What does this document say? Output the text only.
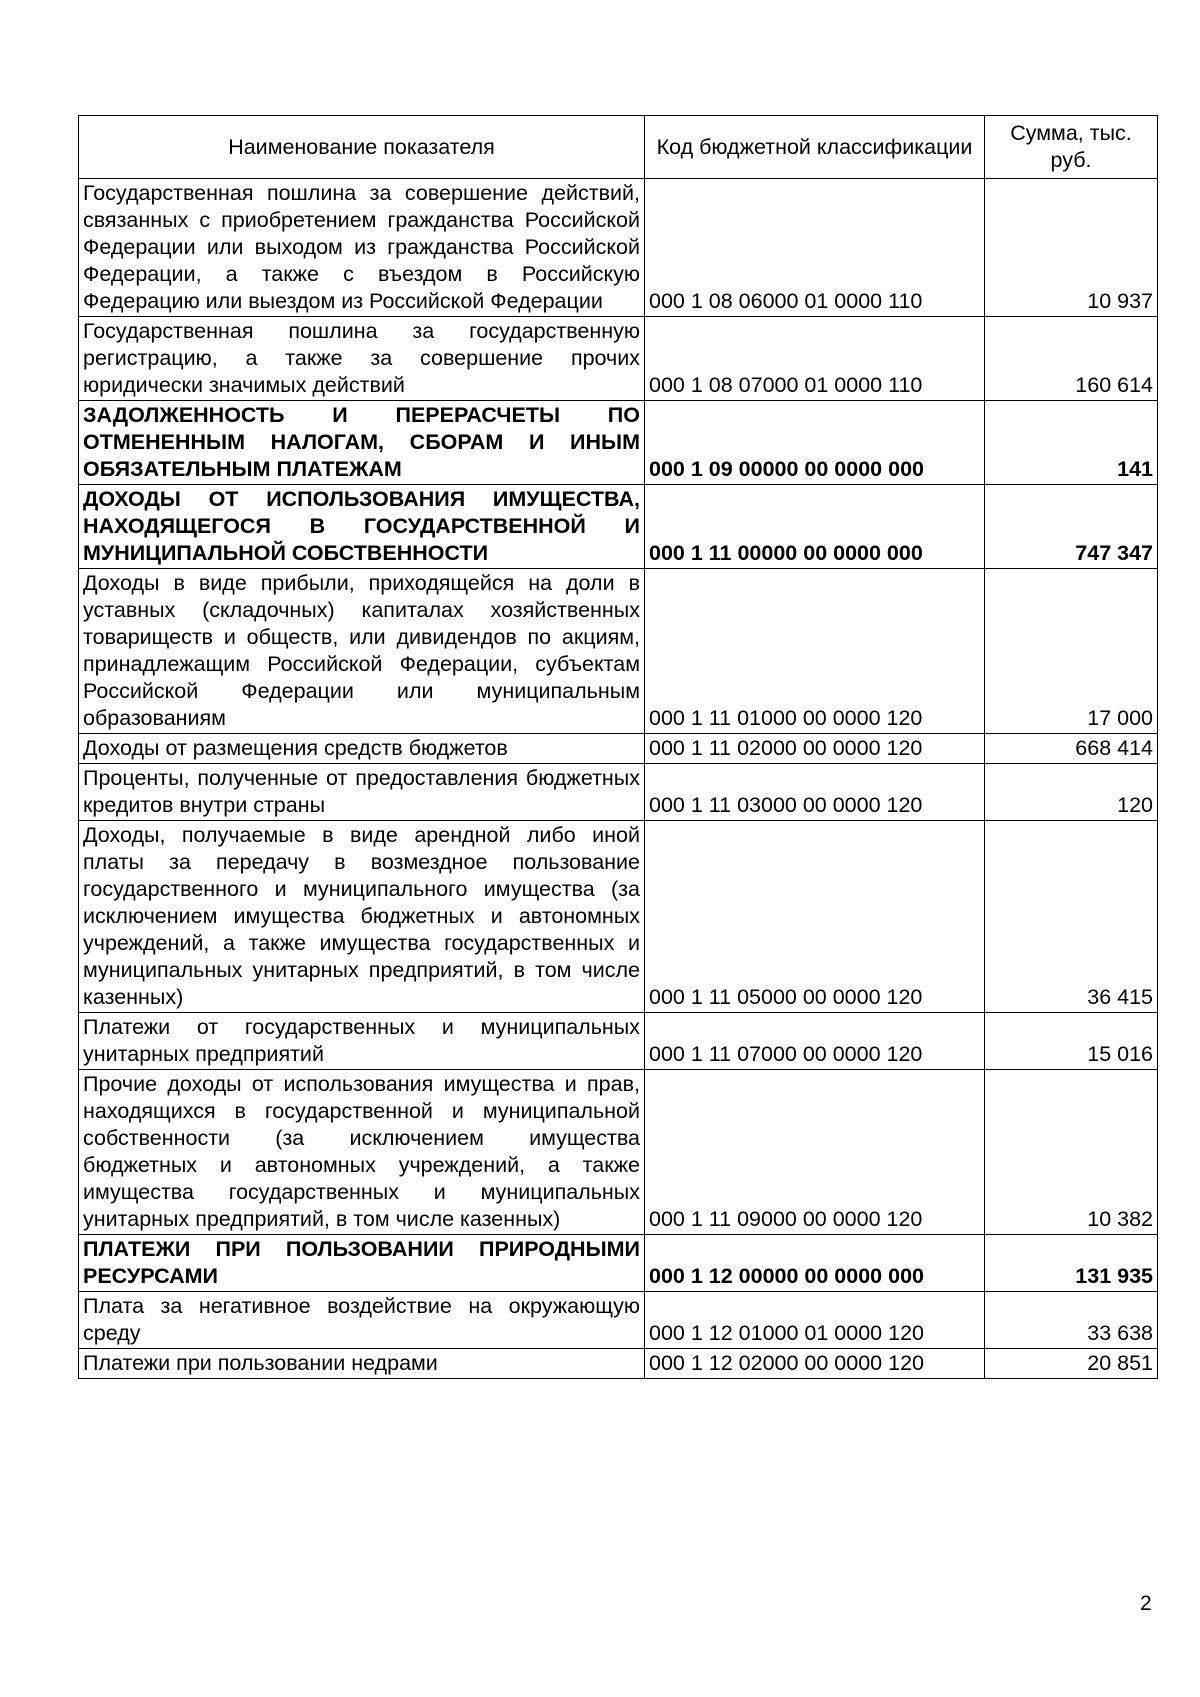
Наименование показателя	Код бюджетной классификации	Сумма, тыс. руб.
Государственная пошлина за совершение действий, связанных с приобретением гражданства Российской Федерации или выходом из гражданства Российской Федерации, а также с въездом в Российскую Федерацию или выездом из Российской Федерации	000 1 08 06000 01 0000 110	10 937
Государственная пошлина за государственную регистрацию, а также за совершение прочих юридически значимых действий	000 1 08 07000 01 0000 110	160 614
ЗАДОЛЖЕННОСТЬ И ПЕРЕРАСЧЕТЫ ПО ОТМЕНЕННЫМ НАЛОГАМ, СБОРАМ И ИНЫМ ОБЯЗАТЕЛЬНЫМ ПЛАТЕЖАМ	000 1 09 00000 00 0000 000	141
ДОХОДЫ ОТ ИСПОЛЬЗОВАНИЯ ИМУЩЕСТВА, НАХОДЯЩЕГОСЯ В ГОСУДАРСТВЕННОЙ И МУНИЦИПАЛЬНОЙ СОБСТВЕННОСТИ	000 1 11 00000 00 0000 000	747 347
Доходы в виде прибыли, приходящейся на доли в уставных (складочных) капиталах хозяйственных товариществ и обществ, или дивидендов по акциям, принадлежащим Российской Федерации, субъектам Российской Федерации или муниципальным образованиям	000 1 11 01000 00 0000 120	17 000
Доходы от размещения средств бюджетов	000 1 11 02000 00 0000 120	668 414
Проценты, полученные от предоставления бюджетных кредитов внутри страны	000 1 11 03000 00 0000 120	120
Доходы, получаемые в виде арендной либо иной платы за передачу в возмездное пользование государственного и муниципального имущества (за исключением имущества бюджетных и автономных учреждений, а также имущества государственных и муниципальных унитарных предприятий, в том числе казенных)	000 1 11 05000 00 0000 120	36 415
Платежи от государственных и муниципальных унитарных предприятий	000 1 11 07000 00 0000 120	15 016
Прочие доходы от использования имущества и прав, находящихся в государственной и муниципальной собственности (за исключением имущества бюджетных и автономных учреждений, а также имущества государственных и муниципальных унитарных предприятий, в том числе казенных)	000 1 11 09000 00 0000 120	10 382
ПЛАТЕЖИ ПРИ ПОЛЬЗОВАНИИ ПРИРОДНЫМИ РЕСУРСАМИ	000 1 12 00000 00 0000 000	131 935
Плата за негативное воздействие на окружающую среду	000 1 12 01000 01 0000 120	33 638
Платежи при пользовании недрами	000 1 12 02000 00 0000 120	20 851
2
